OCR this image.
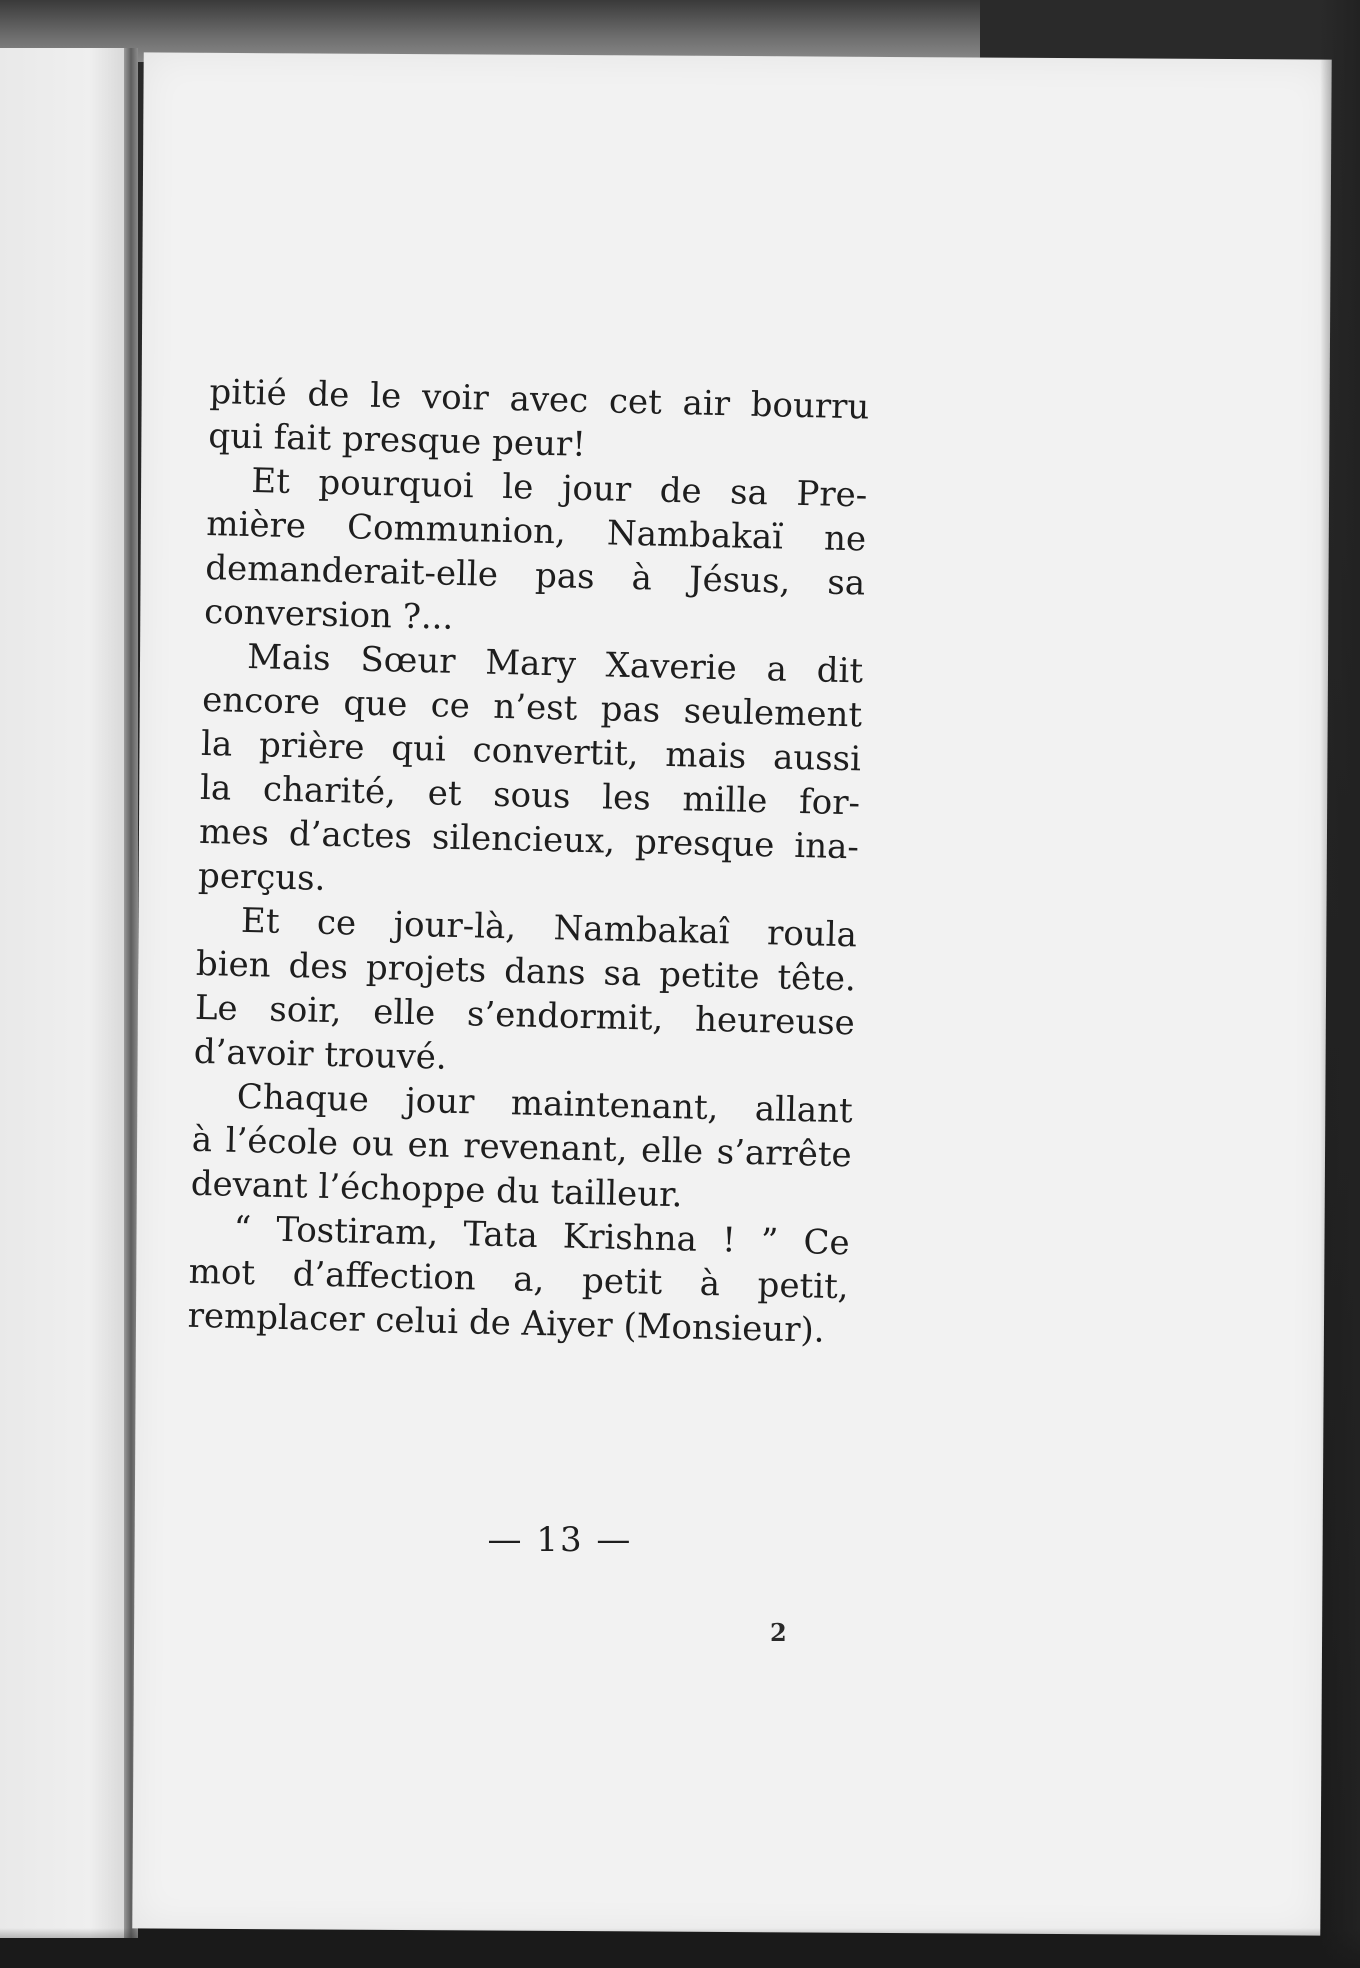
pitié de le voir avec cet air bourru
qui fait presque peur!

Et pourquoi le jour de sa Pre-
mière Communion, Nambakaï ne
demanderait-elle pas à Jésus, sa
conversion ?...

Mais Sœur Mary Xaverie a dit
encore que ce n’est pas seulement
la prière qui convertit, mais aussi
la charité, et sous les mille for-
mes d’actes silencieux, presque ina-
perçus.

Et ce jour-là, Nambakaî roula
bien des projets dans sa petite tête.
Le soir, elle s’endormit, heureuse
d’avoir trouvé.

Chaque jour maintenant, allant
à l’école ou en revenant, elle s’arrête
devant l’échoppe du tailleur.

“ Tostiram, Tata Krishna ! ” Ce
mot d’affection a, petit à petit,
remplacer celui de Aiyer (Monsieur).

— 13 —
2
